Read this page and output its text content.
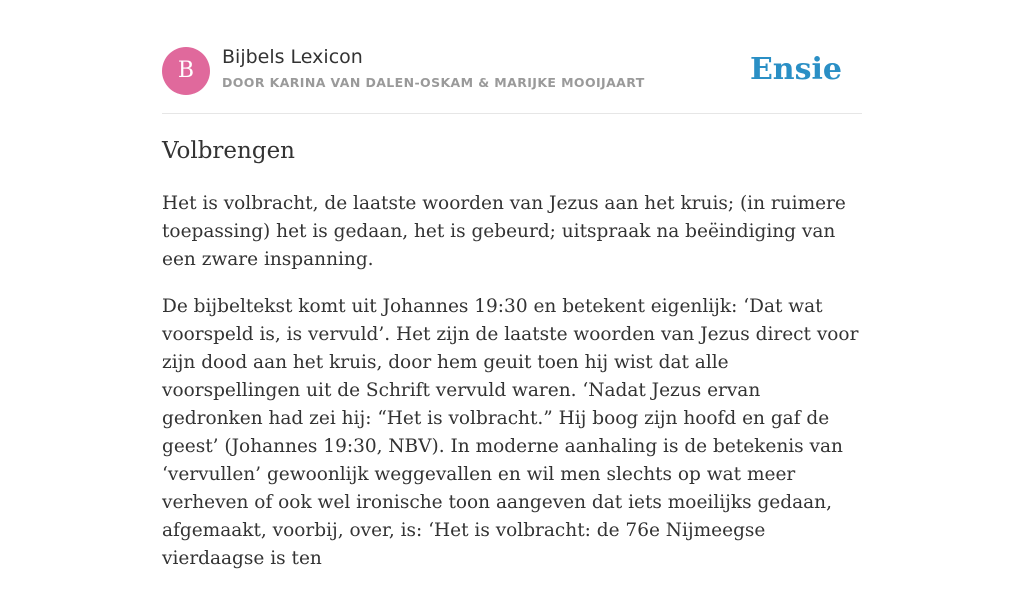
B
Bijbels Lexicon
DOOR KARINA VAN DALEN-OSKAM & MARIJKE MOOIJAART	Ensie
Volbrengen

Het is volbracht, de laatste woorden van Jezus aan het kruis; (in ruimere toepassing) het is gedaan, het is gebeurd; uitspraak na beëindiging van een zware inspanning.

De bijbeltekst komt uit Johannes 19:30 en betekent eigenlijk: ‘Dat wat voorspeld is, is vervuld’. Het zijn de laatste woorden van Jezus direct voor zijn dood aan het kruis, door hem geuit toen hij wist dat alle voorspellingen uit de Schrift vervuld waren. ‘Nadat Jezus ervan gedronken had zei hij: “Het is volbracht.” Hij boog zijn hoofd en gaf de geest’ (Johannes 19:30, NBV). In moderne aanhaling is de betekenis van ‘vervullen’ gewoonlijk weggevallen en wil men slechts op wat meer verheven of ook wel ironische toon aangeven dat iets moeilijks gedaan, afgemaakt, voorbij, over, is: ‘Het is volbracht: de 76e Nijmeegse vierdaagse is ten
